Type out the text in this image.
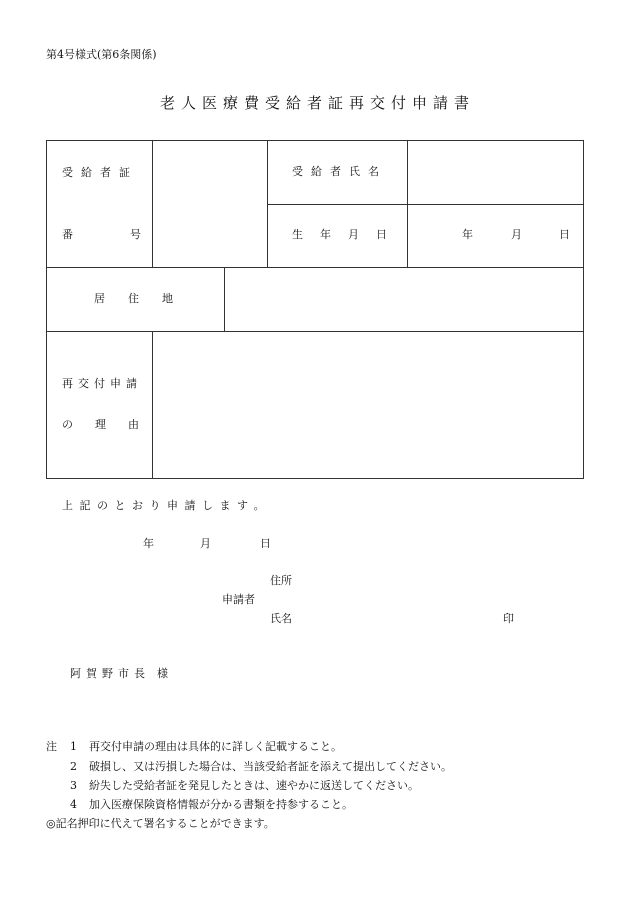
第4号様式(第6条関係)
老人医療費受給者証再交付申請書
受給者証
番	号
受給者氏名
生年月日	年	月	日
居住地
再交付申請
の理由
上記のとおり申請します。
年	月	日
住所
申請者
氏名	印
阿賀野市長 様
注 1 再交付申請の理由は具体的に詳しく記載すること。
2 破損し、又は汚損した場合は、当該受給者証を添えて提出してください。
3 紛失した受給者証を発見したときは、速やかに返送してください。
4 加入医療保険資格情報が分かる書類を持参すること。
◎記名押印に代えて署名することができます。
